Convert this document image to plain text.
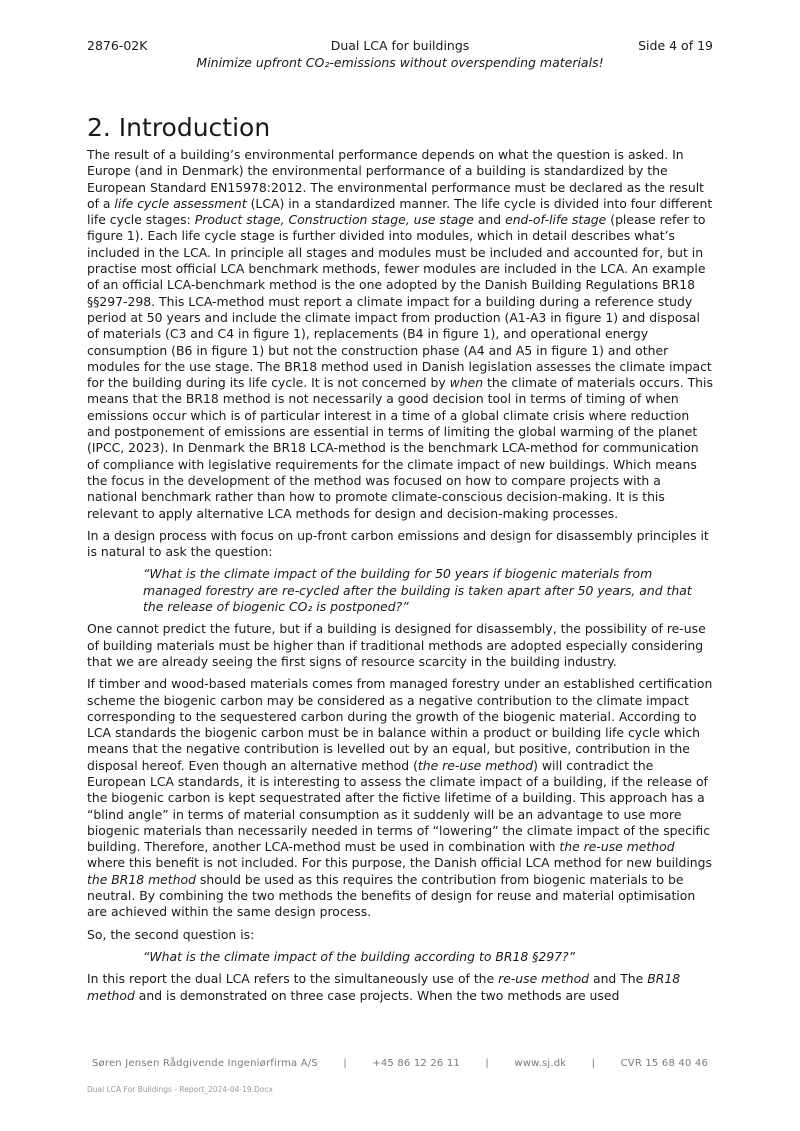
2876-02K	Dual LCA for buildings	Side 4 of 19
Minimize upfront CO₂-emissions without overspending materials!
2. Introduction

The result of a building’s environmental performance depends on what the question is asked. In Europe (and in Denmark) the environmental performance of a building is standardized by the European Standard EN15978:2012. The environmental performance must be declared as the result of a life cycle assessment (LCA) in a standardized manner. The life cycle is divided into four different life cycle stages: Product stage, Construction stage, use stage and end-of-life stage (please refer to figure 1). Each life cycle stage is further divided into modules, which in detail describes what’s included in the LCA. In principle all stages and modules must be included and accounted for, but in practise most official LCA benchmark methods, fewer modules are included in the LCA. An example of an official LCA-benchmark method is the one adopted by the Danish Building Regulations BR18 §§297-298. This LCA-method must report a climate impact for a building during a reference study period at 50 years and include the climate impact from production (A1-A3 in figure 1) and disposal of materials (C3 and C4 in figure 1), replacements (B4 in figure 1), and operational energy consumption (B6 in figure 1) but not the construction phase (A4 and A5 in figure 1) and other modules for the use stage. The BR18 method used in Danish legislation assesses the climate impact for the building during its life cycle. It is not concerned by when the climate of materials occurs. This means that the BR18 method is not necessarily a good decision tool in terms of timing of when emissions occur which is of particular interest in a time of a global climate crisis where reduction and postponement of emissions are essential in terms of limiting the global warming of the planet (IPCC, 2023). In Denmark the BR18 LCA-method is the benchmark LCA-method for communication of compliance with legislative requirements for the climate impact of new buildings. Which means the focus in the development of the method was focused on how to compare projects with a national benchmark rather than how to promote climate-conscious decision-making. It is this relevant to apply alternative LCA methods for design and decision-making processes.

In a design process with focus on up-front carbon emissions and design for disassembly principles it is natural to ask the question:

“What is the climate impact of the building for 50 years if biogenic materials from managed forestry are re-cycled after the building is taken apart after 50 years, and that the release of biogenic CO₂ is postponed?”

One cannot predict the future, but if a building is designed for disassembly, the possibility of re-use of building materials must be higher than if traditional methods are adopted especially considering that we are already seeing the first signs of resource scarcity in the building industry.

If timber and wood-based materials comes from managed forestry under an established certification scheme the biogenic carbon may be considered as a negative contribution to the climate impact corresponding to the sequestered carbon during the growth of the biogenic material. According to LCA standards the biogenic carbon must be in balance within a product or building life cycle which means that the negative contribution is levelled out by an equal, but positive, contribution in the disposal hereof. Even though an alternative method (the re-use method) will contradict the European LCA standards, it is interesting to assess the climate impact of a building, if the release of the biogenic carbon is kept sequestrated after the fictive lifetime of a building. This approach has a “blind angle” in terms of material consumption as it suddenly will be an advantage to use more biogenic materials than necessarily needed in terms of “lowering” the climate impact of the specific building. Therefore, another LCA-method must be used in combination with the re-use method where this benefit is not included. For this purpose, the Danish official LCA method for new buildings the BR18 method should be used as this requires the contribution from biogenic materials to be neutral. By combining the two methods the benefits of design for reuse and material optimisation are achieved within the same design process.

So, the second question is:

“What is the climate impact of the building according to BR18 §297?”

In this report the dual LCA refers to the simultaneously use of the re-use method and The BR18 method and is demonstrated on three case projects. When the two methods are used

Søren Jensen Rådgivende Ingeniørfirma A/S	|	+45 86 12 26 11	|	www.sj.dk	|	CVR 15 68 40 46
Dual LCA For Buildings - Report_2024-04-19.Docx
